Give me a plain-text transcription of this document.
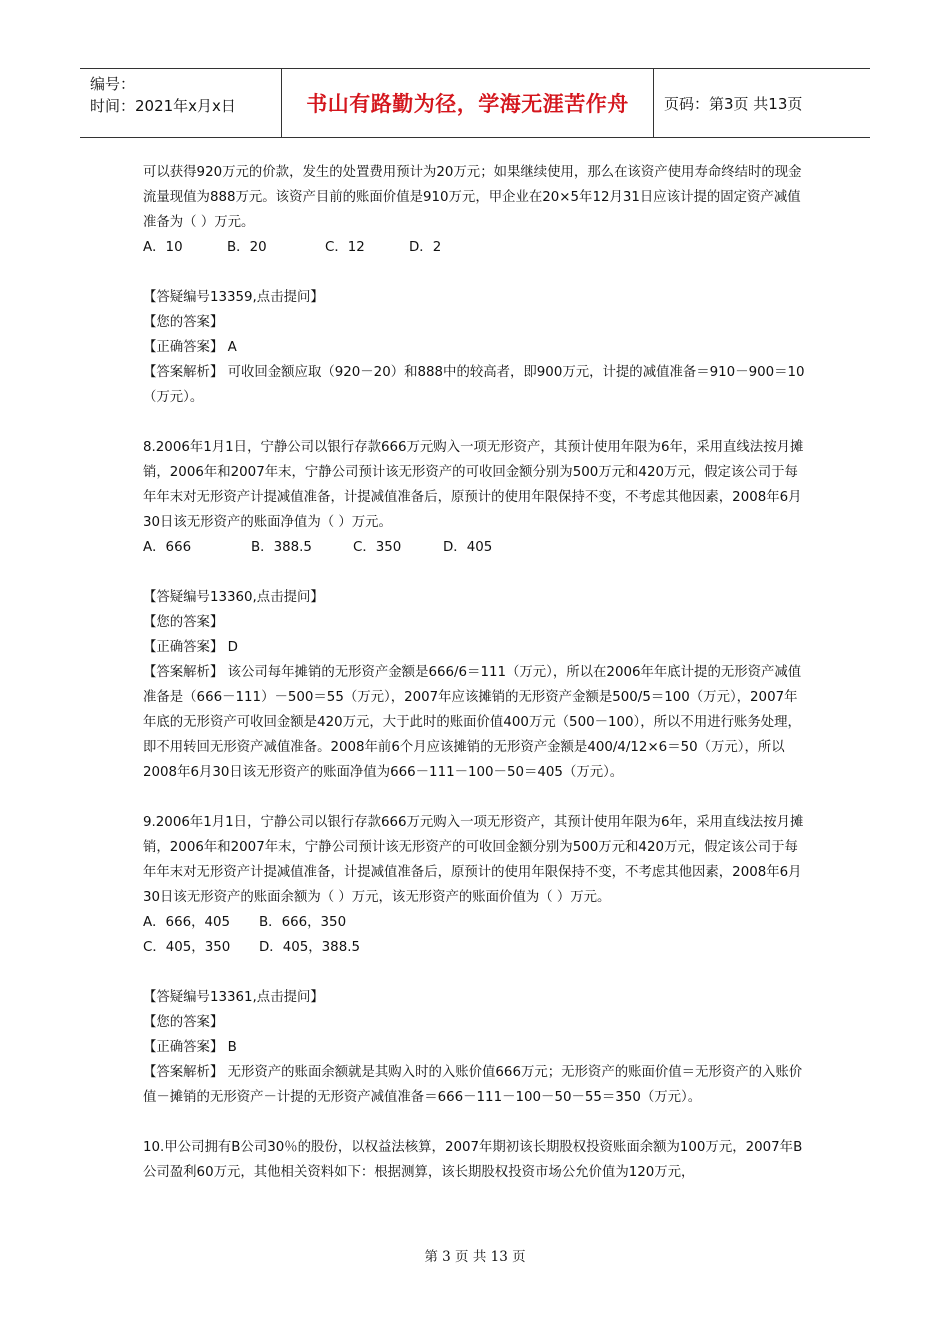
编号：
时间：2021年x月x日	书山有路勤为径，学海无涯苦作舟 页码：第3页 共13页

可以获得920万元的价款，发生的处置费用预计为20万元；如果继续使用，那么在该资产使用寿命终结时的现金流量现值为888万元。该资产目前的账面价值是910万元，甲企业在20×5年12月31日应该计提的固定资产减值准备为（ ）万元。

A．10	B．20	C．12	D．2

【答疑编号13359,点击提问】

【您的答案】

【正确答案】 A

【答案解析】 可收回金额应取（920－20）和888中的较高者，即900万元，计提的减值准备＝910－900＝10（万元）。

8.2006年1月1日，宁静公司以银行存款666万元购入一项无形资产，其预计使用年限为6年，采用直线法按月摊销，2006年和2007年末，宁静公司预计该无形资产的可收回金额分别为500万元和420万元，假定该公司于每年年末对无形资产计提减值准备，计提减值准备后，原预计的使用年限保持不变，不考虑其他因素，2008年6月30日该无形资产的账面净值为（ ）万元。

A．666	B．388.5	C．350	D．405

【答疑编号13360,点击提问】

【您的答案】

【正确答案】 D

【答案解析】 该公司每年摊销的无形资产金额是666/6＝111（万元），所以在2006年年底计提的无形资产减值准备是（666－111）－500＝55（万元），2007年应该摊销的无形资产金额是500/5＝100（万元），2007年年底的无形资产可收回金额是420万元，大于此时的账面价值400万元（500－100），所以不用进行账务处理，即不用转回无形资产减值准备。2008年前6个月应该摊销的无形资产金额是400/4/12×6＝50（万元），所以2008年6月30日该无形资产的账面净值为666－111－100－50＝405（万元）。

9.2006年1月1日，宁静公司以银行存款666万元购入一项无形资产，其预计使用年限为6年，采用直线法按月摊销，2006年和2007年末，宁静公司预计该无形资产的可收回金额分别为500万元和420万元，假定该公司于每年年末对无形资产计提减值准备，计提减值准备后，原预计的使用年限保持不变，不考虑其他因素，2008年6月30日该无形资产的账面余额为（ ）万元，该无形资产的账面价值为（ ）万元。

A．666，405 B．666，350

C．405，350 D．405，388.5

【答疑编号13361,点击提问】

【您的答案】

【正确答案】 B

【答案解析】 无形资产的账面余额就是其购入时的入账价值666万元；无形资产的账面价值＝无形资产的入账价值－摊销的无形资产－计提的无形资产减值准备＝666－111－100－50－55＝350（万元）。

10.甲公司拥有B公司30％的股份，以权益法核算，2007年期初该长期股权投资账面余额为100万元，2007年B公司盈利60万元，其他相关资料如下：根据测算，该长期股权投资市场公允价值为120万元，

第 3 页 共 13 页
